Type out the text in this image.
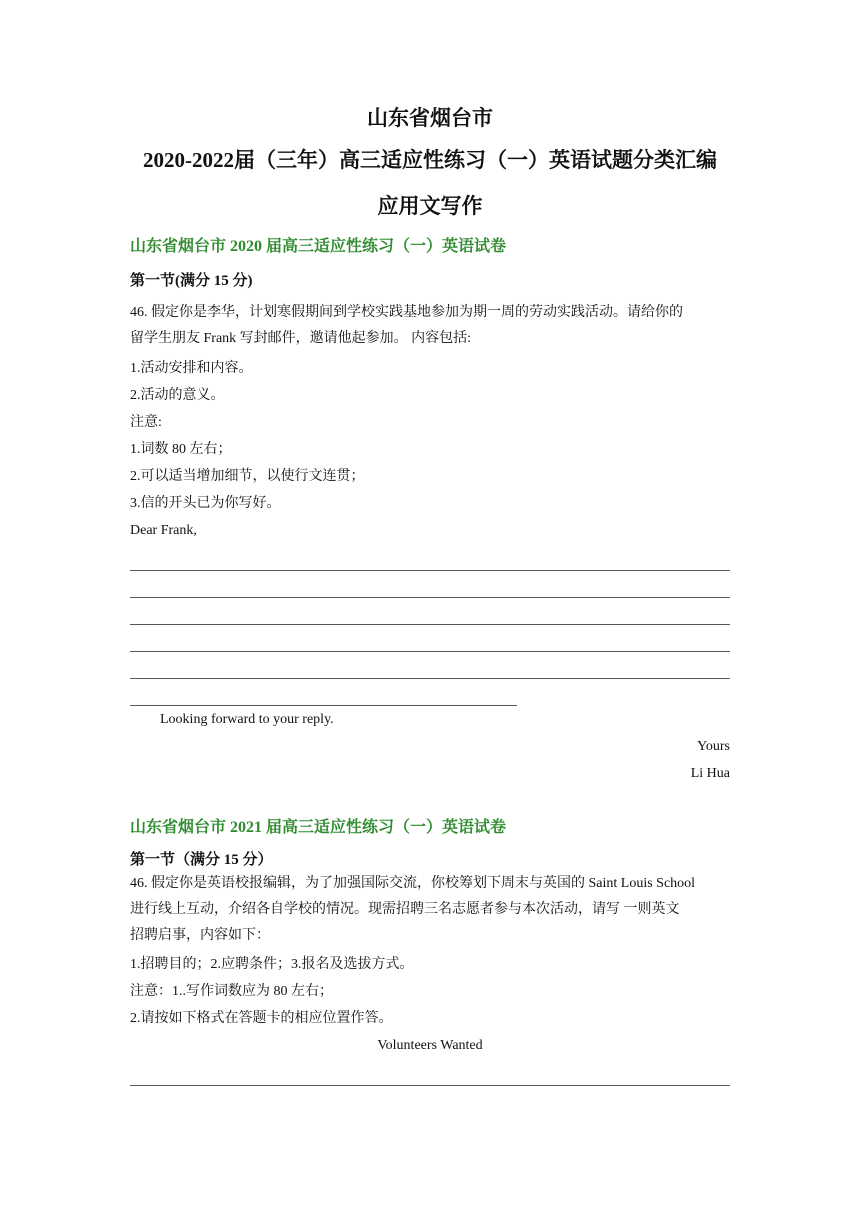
山东省烟台市

2020-2022届（三年）高三适应性练习（一）英语试题分类汇编

应用文写作

山东省烟台市 2020 届高三适应性练习（一）英语试卷

第一节(满分 15 分)

46. 假定你是李华，计划寒假期间到学校实践基地参加为期一周的劳动实践活动。请给你的

留学生朋友 Frank 写封邮件，邀请他起参加。 内容包括:

1.活动安排和内容。

2.活动的意义。

注意:

1.词数 80 左右；

2.可以适当增加细节，以使行文连贯；

3.信的开头已为你写好。

Dear Frank,

Looking forward to your reply.

Yours

Li Hua

山东省烟台市 2021 届高三适应性练习（一）英语试卷

第一节（满分 15 分）

46. 假定你是英语校报编辑，为了加强国际交流，你校筹划下周末与英国的 Saint Louis School

进行线上互动，介绍各自学校的情况。现需招聘三名志愿者参与本次活动，请写 一则英文

招聘启事，内容如下：

1.招聘目的；2.应聘条件；3.报名及选拔方式。

注意：1..写作词数应为 80 左右；

2.请按如下格式在答题卡的相应位置作答。

Volunteers Wanted
